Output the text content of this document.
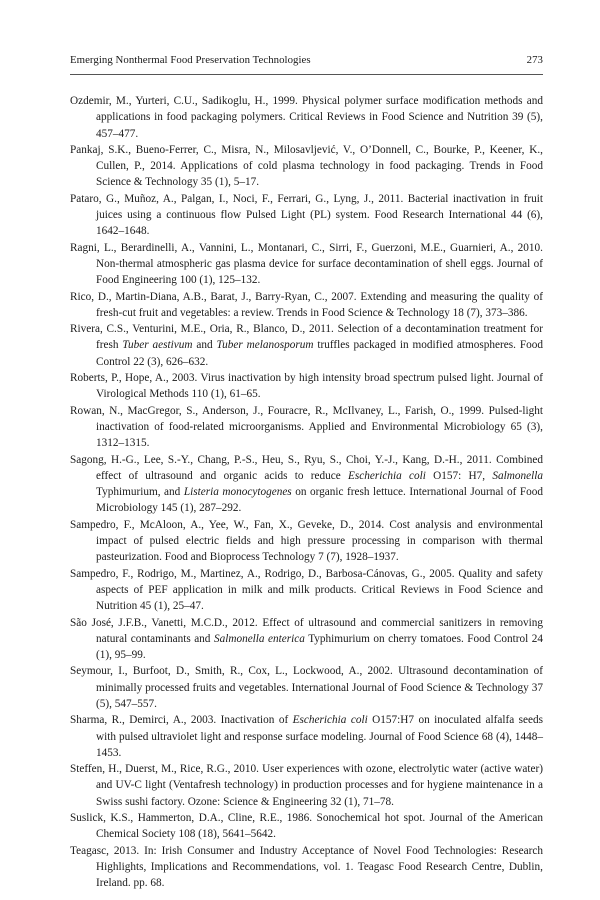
Emerging Nonthermal Food Preservation Technologies	273
Ozdemir, M., Yurteri, C.U., Sadikoglu, H., 1999. Physical polymer surface modification methods and applications in food packaging polymers. Critical Reviews in Food Science and Nutrition 39 (5), 457–477.
Pankaj, S.K., Bueno-Ferrer, C., Misra, N., Milosavljević, V., O’Donnell, C., Bourke, P., Keener, K., Cullen, P., 2014. Applications of cold plasma technology in food packaging. Trends in Food Science & Technology 35 (1), 5–17.
Pataro, G., Muñoz, A., Palgan, I., Noci, F., Ferrari, G., Lyng, J., 2011. Bacterial inactivation in fruit juices using a continuous flow Pulsed Light (PL) system. Food Research International 44 (6), 1642–1648.
Ragni, L., Berardinelli, A., Vannini, L., Montanari, C., Sirri, F., Guerzoni, M.E., Guarnieri, A., 2010. Non-thermal atmospheric gas plasma device for surface decontamination of shell eggs. Journal of Food Engineering 100 (1), 125–132.
Rico, D., Martin-Diana, A.B., Barat, J., Barry-Ryan, C., 2007. Extending and measuring the quality of fresh-cut fruit and vegetables: a review. Trends in Food Science & Technology 18 (7), 373–386.
Rivera, C.S., Venturini, M.E., Oria, R., Blanco, D., 2011. Selection of a decontamination treatment for fresh Tuber aestivum and Tuber melanosporum truffles packaged in modified atmospheres. Food Control 22 (3), 626–632.
Roberts, P., Hope, A., 2003. Virus inactivation by high intensity broad spectrum pulsed light. Journal of Virological Methods 110 (1), 61–65.
Rowan, N., MacGregor, S., Anderson, J., Fouracre, R., McIlvaney, L., Farish, O., 1999. Pulsed-light inactivation of food-related microorganisms. Applied and Environmental Microbiology 65 (3), 1312–1315.
Sagong, H.-G., Lee, S.-Y., Chang, P.-S., Heu, S., Ryu, S., Choi, Y.-J., Kang, D.-H., 2011. Combined effect of ultrasound and organic acids to reduce Escherichia coli O157: H7, Salmonella Typhimurium, and Listeria monocytogenes on organic fresh lettuce. International Journal of Food Microbiology 145 (1), 287–292.
Sampedro, F., McAloon, A., Yee, W., Fan, X., Geveke, D., 2014. Cost analysis and environmental impact of pulsed electric fields and high pressure processing in comparison with thermal pasteurization. Food and Bioprocess Technology 7 (7), 1928–1937.
Sampedro, F., Rodrigo, M., Martinez, A., Rodrigo, D., Barbosa-Cánovas, G., 2005. Quality and safety aspects of PEF application in milk and milk products. Critical Reviews in Food Science and Nutrition 45 (1), 25–47.
São José, J.F.B., Vanetti, M.C.D., 2012. Effect of ultrasound and commercial sanitizers in removing natural contaminants and Salmonella enterica Typhimurium on cherry tomatoes. Food Control 24 (1), 95–99.
Seymour, I., Burfoot, D., Smith, R., Cox, L., Lockwood, A., 2002. Ultrasound decontamination of minimally processed fruits and vegetables. International Journal of Food Science & Technology 37 (5), 547–557.
Sharma, R., Demirci, A., 2003. Inactivation of Escherichia coli O157:H7 on inoculated alfalfa seeds with pulsed ultraviolet light and response surface modeling. Journal of Food Science 68 (4), 1448–1453.
Steffen, H., Duerst, M., Rice, R.G., 2010. User experiences with ozone, electrolytic water (active water) and UV-C light (Ventafresh technology) in production processes and for hygiene maintenance in a Swiss sushi factory. Ozone: Science & Engineering 32 (1), 71–78.
Suslick, K.S., Hammerton, D.A., Cline, R.E., 1986. Sonochemical hot spot. Journal of the American Chemical Society 108 (18), 5641–5642.
Teagasc, 2013. In: Irish Consumer and Industry Acceptance of Novel Food Technologies: Research Highlights, Implications and Recommendations, vol. 1. Teagasc Food Research Centre, Dublin, Ireland. pp. 68.
